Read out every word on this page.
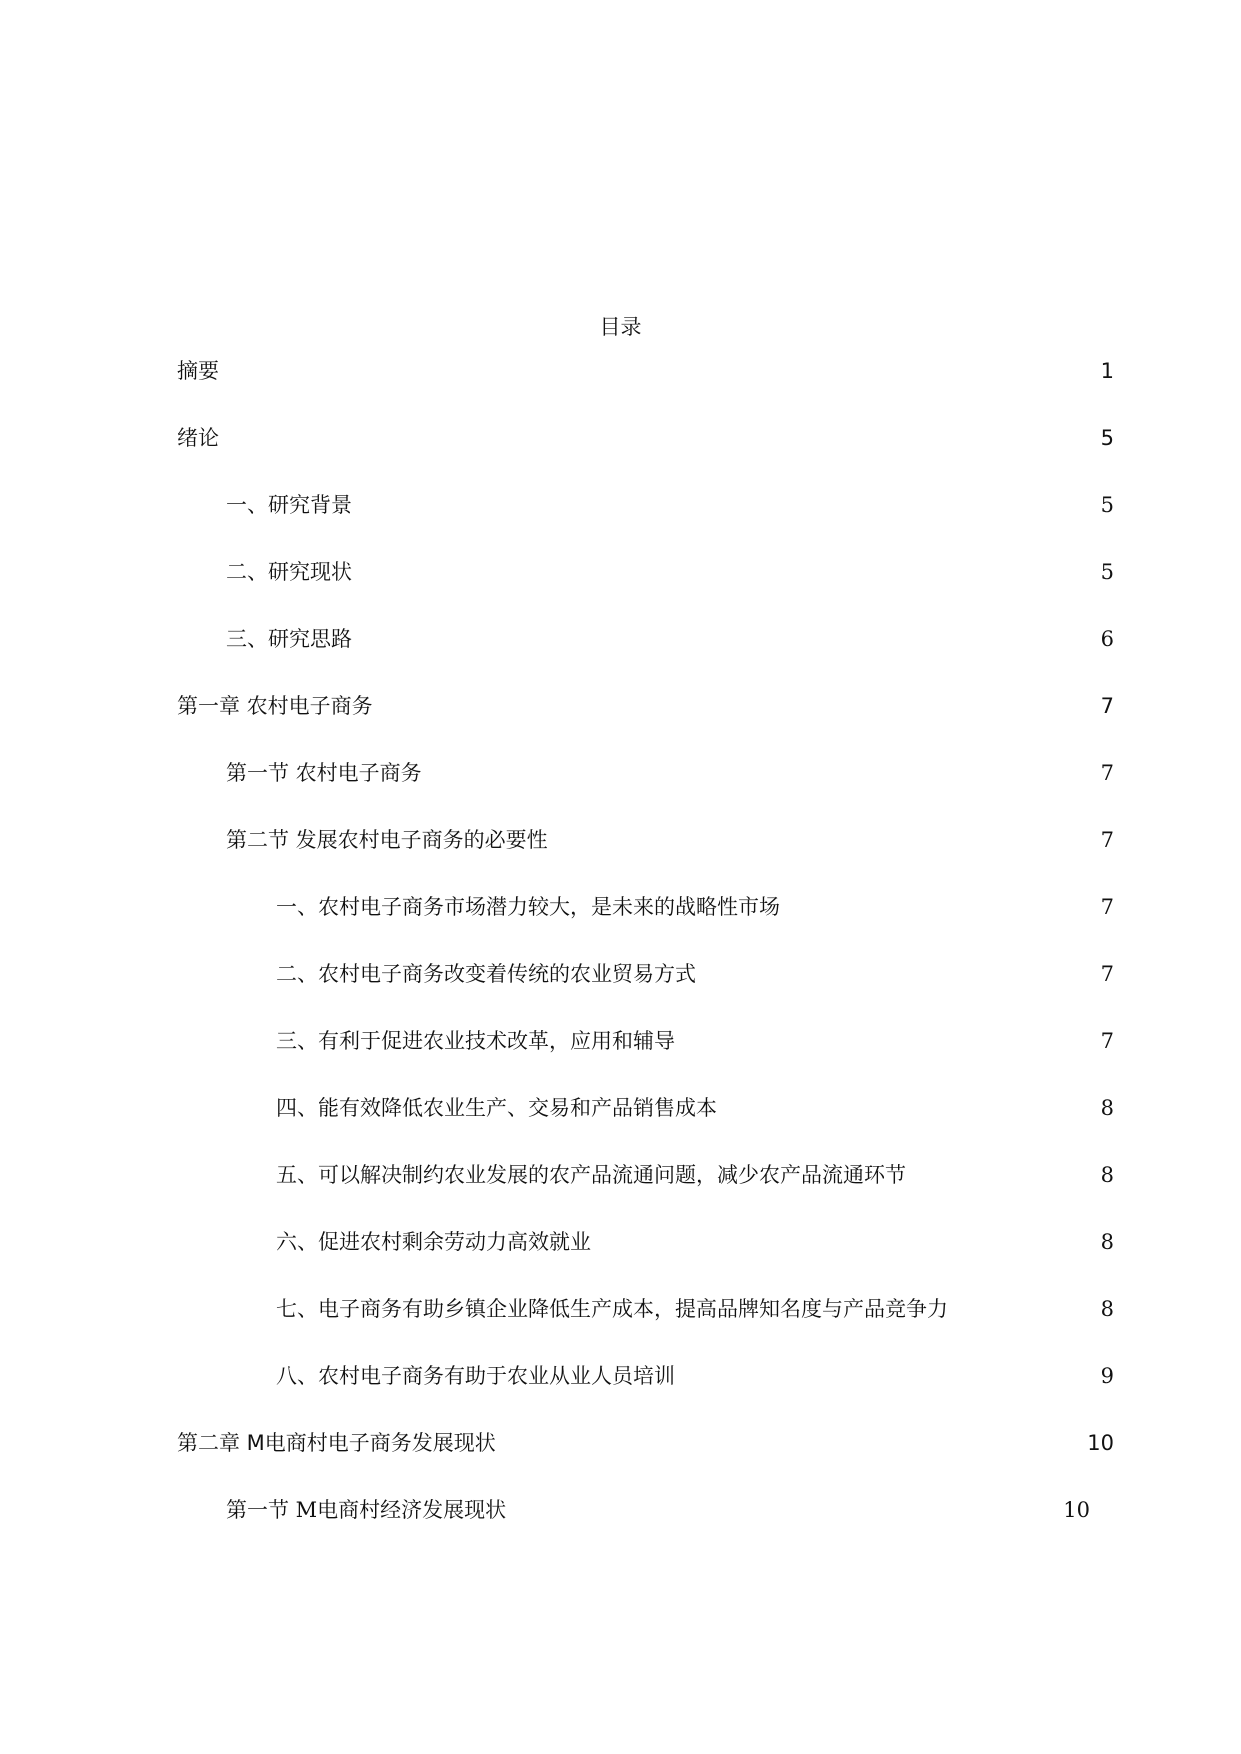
目录
摘要	1
绪论	5
一、研究背景	5
二、研究现状	5
三、研究思路	6
第一章 农村电子商务	7
第一节 农村电子商务	7
第二节 发展农村电子商务的必要性	7
一、农村电子商务市场潜力较大，是未来的战略性市场	7
二、农村电子商务改变着传统的农业贸易方式	7
三、有利于促进农业技术改革，应用和辅导	7
四、能有效降低农业生产、交易和产品销售成本	8
五、可以解决制约农业发展的农产品流通问题，减少农产品流通环节	8
六、促进农村剩余劳动力高效就业	8
七、电子商务有助乡镇企业降低生产成本，提高品牌知名度与产品竞争力	8
八、农村电子商务有助于农业从业人员培训	9
第二章 M电商村电子商务发展现状	10
第一节 M电商村经济发展现状	10
